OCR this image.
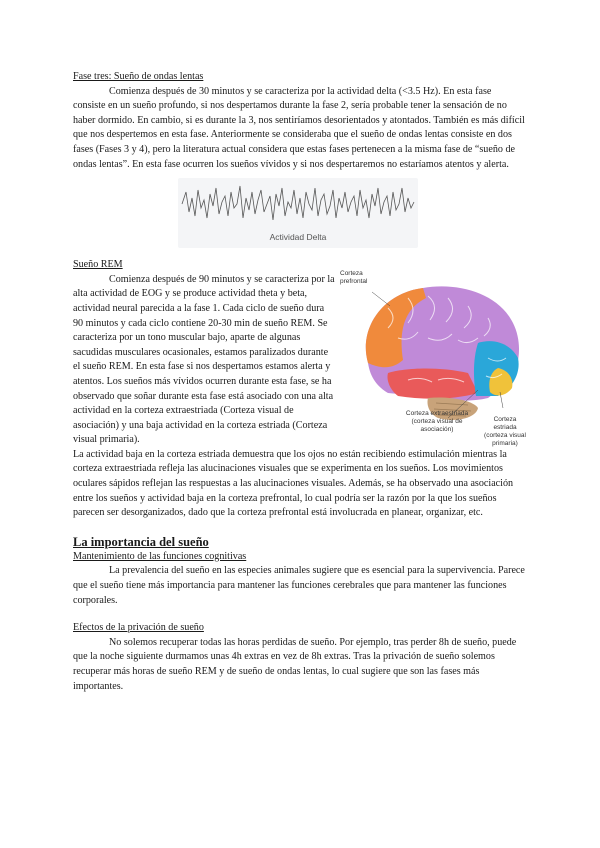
Fase tres: Sueño de ondas lentas

Comienza después de 30 minutos y se caracteriza por la actividad delta (<3.5 Hz). En esta fase consiste en un sueño profundo, si nos despertamos durante la fase 2, sería probable tener la sensación de no haber dormido. En cambio, si es durante la 3, nos sentiríamos desorientados y atontados. También es más difícil que nos despertemos en esta fase. Anteriormente se consideraba que el sueño de ondas lentas consiste en dos fases (Fases 3 y 4), pero la literatura actual considera que estas fases pertenecen a la misma fase de “sueño de ondas lentas”. En esta fase ocurren los sueños vívidos y si nos despertaremos no estaríamos atentos y alerta.

Actividad Delta

Sueño REM

Comienza después de 90 minutos y se caracteriza por la alta actividad de EOG y se produce actividad theta y beta, actividad neural parecida a la fase 1. Cada ciclo de sueño dura 90 minutos y cada ciclo contiene 20-30 min de sueño REM. Se caracteriza por un tono muscular bajo, aparte de algunas sacudidas musculares ocasionales, estamos paralizados durante el sueño REM. En esta fase si nos despertamos estamos alerta y atentos. Los sueños más vívidos ocurren durante esta fase, se ha observado que soñar durante esta fase está asociado con una alta actividad en la corteza extraestriada (Corteza visual de asociación) y una baja actividad en la corteza estriada (Corteza visual primaria).

Corteza prefrontal
Corteza extraestriada (corteza visual de asociación)
Corteza estriada (corteza visual primaria)

La actividad baja en la corteza estriada demuestra que los ojos no están recibiendo estimulación mientras la corteza extraestriada refleja las alucinaciones visuales que se experimenta en los sueños. Los movimientos oculares sápidos reflejan las respuestas a las alucinaciones visuales. Además, se ha observado una asociación entre los sueños y actividad baja en la corteza prefrontal, lo cual podría ser la razón por la que los sueños parecen ser desorganizados, dado que la corteza prefrontal está involucrada en planear, organizar, etc.

La importancia del sueño

Mantenimiento de las funciones cognitivas

La prevalencia del sueño en las especies animales sugiere que es esencial para la supervivencia. Parece que el sueño tiene más importancia para mantener las funciones cerebrales que para mantener las funciones corporales.

Efectos de la privación de sueño

No solemos recuperar todas las horas perdidas de sueño. Por ejemplo, tras perder 8h de sueño, puede que la noche siguiente durmamos unas 4h extras en vez de 8h extras. Tras la privación de sueño solemos recuperar más horas de sueño REM y de sueño de ondas lentas, lo cual sugiere que son las fases más importantes.
